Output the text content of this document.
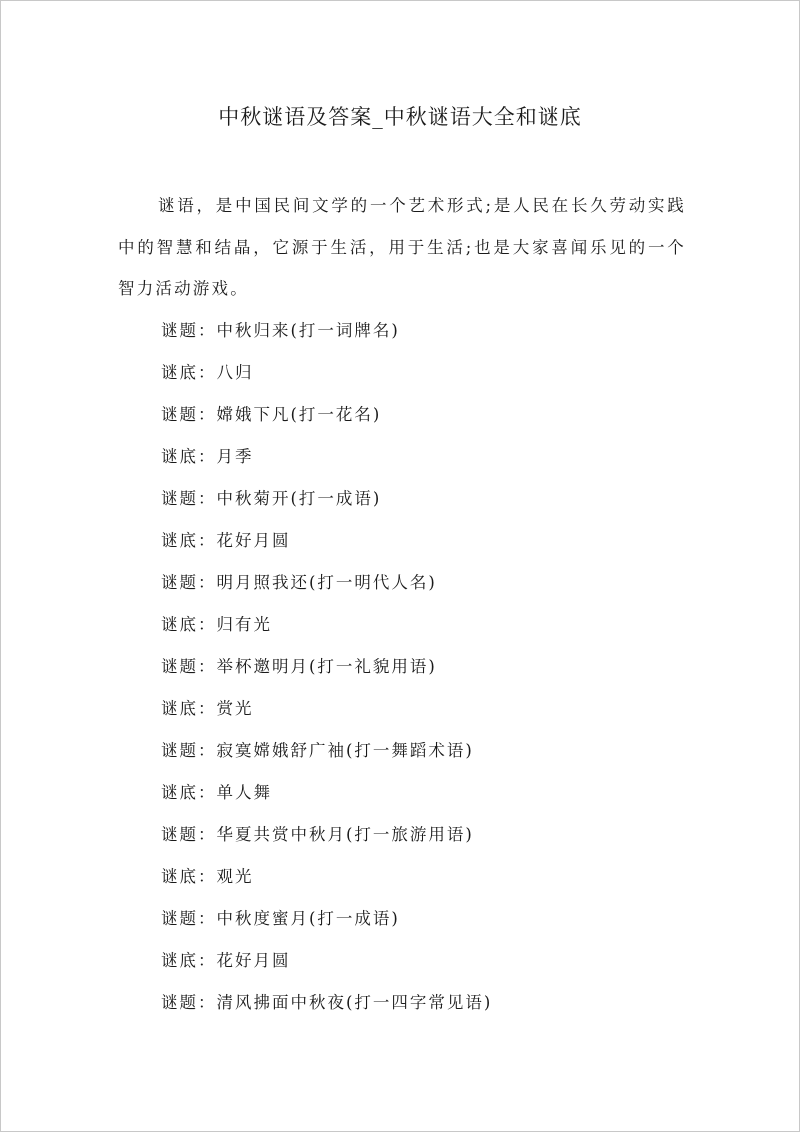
中秋谜语及答案_中秋谜语大全和谜底

谜语，是中国民间文学的一个艺术形式;是人民在长久劳动实践中的智慧和结晶，它源于生活，用于生活;也是大家喜闻乐见的一个智力活动游戏。

谜题：中秋归来(打一词牌名)
谜底：八归
谜题：嫦娥下凡(打一花名)
谜底：月季
谜题：中秋菊开(打一成语)
谜底：花好月圆
谜题：明月照我还(打一明代人名)
谜底：归有光
谜题：举杯邀明月(打一礼貌用语)
谜底：赏光
谜题：寂寞嫦娥舒广袖(打一舞蹈术语)
谜底：单人舞
谜题：华夏共赏中秋月(打一旅游用语)
谜底：观光
谜题：中秋度蜜月(打一成语)
谜底：花好月圆
谜题：清风拂面中秋夜(打一四字常见语)
